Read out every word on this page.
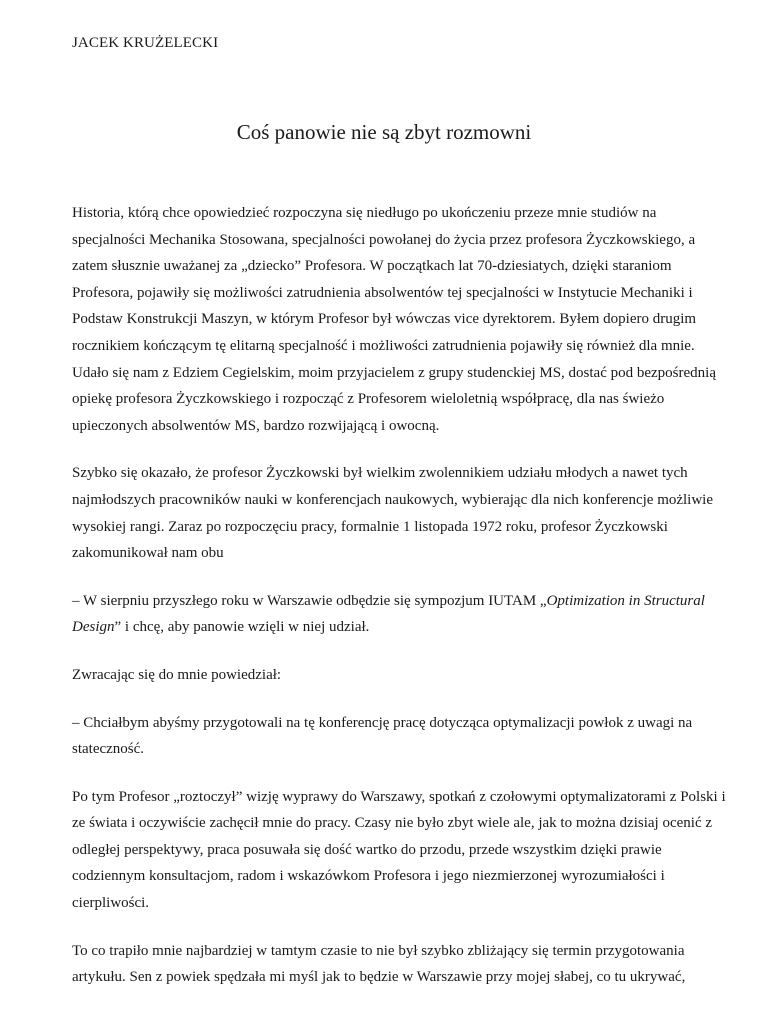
JACEK KRUŻELECKI
Coś panowie nie są zbyt rozmowni

Historia, którą chce opowiedzieć rozpoczyna się niedługo po ukończeniu przeze mnie studiów na
specjalności Mechanika Stosowana, specjalności powołanej do życia przez profesora Życzkowskiego, a
zatem słusznie uważanej za „dziecko” Profesora. W początkach lat 70-dziesiatych, dzięki staraniom
Profesora, pojawiły się możliwości zatrudnienia absolwentów tej specjalności w Instytucie Mechaniki i
Podstaw Konstrukcji Maszyn, w którym Profesor był wówczas vice dyrektorem. Byłem dopiero drugim
rocznikiem kończącym tę elitarną specjalność i możliwości zatrudnienia pojawiły się również dla mnie.
Udało się nam z Edziem Cegielskim, moim przyjacielem z grupy studenckiej MS, dostać pod bezpośrednią
opiekę profesora Życzkowskiego i rozpocząć z Profesorem wieloletnią współpracę, dla nas świeżo
upieczonych absolwentów MS, bardzo rozwijającą i owocną.

Szybko się okazało, że profesor Życzkowski był wielkim zwolennikiem udziału młodych a nawet tych
najmłodszych pracowników nauki w konferencjach naukowych, wybierając dla nich konferencje możliwie
wysokiej rangi. Zaraz po rozpoczęciu pracy, formalnie 1 listopada 1972 roku, profesor Życzkowski
zakomunikował nam obu

– W sierpniu przyszłego roku w Warszawie odbędzie się sympozjum IUTAM „Optimization in Structural
Design” i chcę, aby panowie wzięli w niej udział.

Zwracając się do mnie powiedział:

– Chciałbym abyśmy przygotowali na tę konferencję pracę dotycząca optymalizacji powłok z uwagi na
stateczność.

Po tym Profesor „roztoczył” wizję wyprawy do Warszawy, spotkań z czołowymi optymalizatorami z Polski i
ze świata i oczywiście zachęcił mnie do pracy. Czasy nie było zbyt wiele ale, jak to można dzisiaj ocenić z
odległej perspektywy, praca posuwała się dość wartko do przodu, przede wszystkim dzięki prawie
codziennym konsultacjom, radom i wskazówkom Profesora i jego niezmierzonej wyrozumiałości i
cierpliwości.

To co trapiło mnie najbardziej w tamtym czasie to nie był szybko zbliżający się termin przygotowania
artykułu. Sen z powiek spędzała mi myśl jak to będzie w Warszawie przy mojej słabej, co tu ukrywać,
